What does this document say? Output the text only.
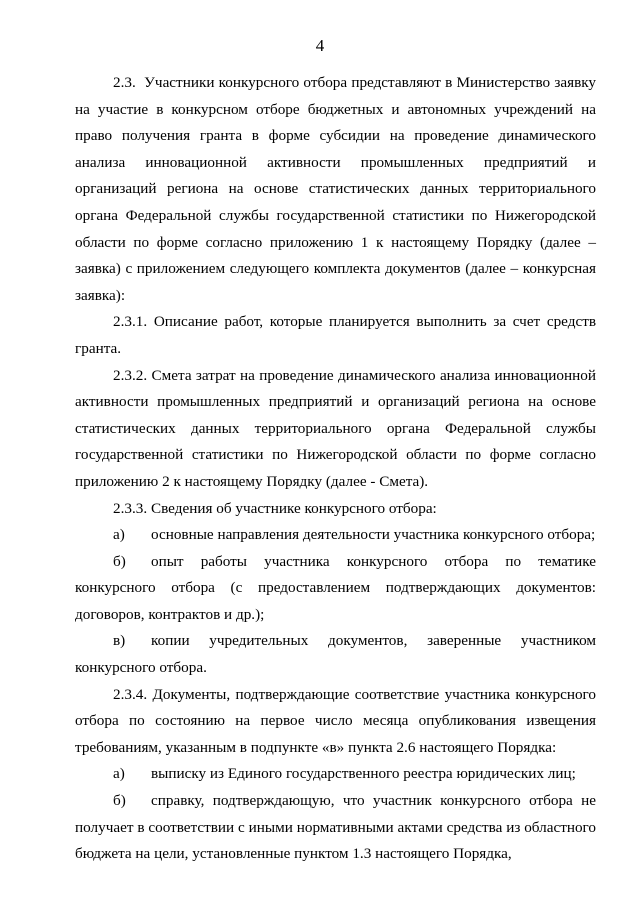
4

2.3.  Участники конкурсного отбора представляют в Министерство заявку на участие в конкурсном отборе бюджетных и автономных учреждений на право получения гранта в форме субсидии на проведение динамического анализа инновационной активности промышленных предприятий и организаций региона на основе статистических данных территориального органа Федеральной службы государственной статистики по Нижегородской области по форме согласно приложению 1 к настоящему Порядку (далее – заявка) с приложением следующего комплекта документов (далее – конкурсная заявка):

2.3.1. Описание работ, которые планируется выполнить за счет средств гранта.

2.3.2. Смета затрат на проведение динамического анализа инновационной активности промышленных предприятий и организаций региона на основе статистических данных территориального органа Федеральной службы государственной статистики по Нижегородской области по форме согласно приложению 2 к настоящему Порядку (далее - Смета).

2.3.3. Сведения об участнике конкурсного отбора:

а) основные направления деятельности участника конкурсного отбора;

б) опыт работы участника конкурсного отбора по тематике конкурсного отбора (с предоставлением подтверждающих документов: договоров, контрактов и др.);

в) копии учредительных документов, заверенные участником конкурсного отбора.

2.3.4. Документы, подтверждающие соответствие участника конкурсного отбора по состоянию на первое число месяца опубликования извещения требованиям, указанным в подпункте «в» пункта 2.6 настоящего Порядка:

а) выписку из Единого государственного реестра юридических лиц;

б) справку, подтверждающую, что участник конкурсного отбора не получает в соответствии с иными нормативными актами средства из областного бюджета на цели, установленные пунктом 1.3 настоящего Порядка,
